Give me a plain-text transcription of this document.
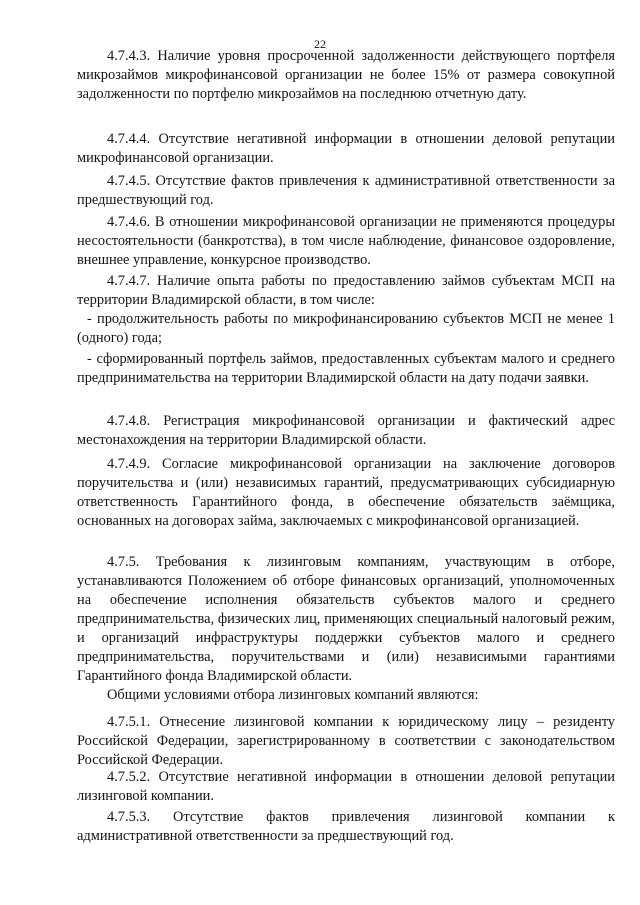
22

4.7.4.3. Наличие уровня просроченной задолженности действующего портфеля микрозаймов микрофинансовой организации не более 15% от размера совокупной задолженности по портфелю микрозаймов на последнюю отчетную дату.

4.7.4.4. Отсутствие негативной информации в отношении деловой репутации микрофинансовой организации.

4.7.4.5. Отсутствие фактов привлечения к административной ответственности за предшествующий год.

4.7.4.6. В отношении микрофинансовой организации не применяются процедуры несостоятельности (банкротства), в том числе наблюдение, финансовое оздоровление, внешнее управление, конкурсное производство.

4.7.4.7. Наличие опыта работы по предоставлению займов субъектам МСП на территории Владимирской области, в том числе:

- продолжительность работы по микрофинансированию субъектов МСП не менее 1 (одного) года;

- сформированный портфель займов, предоставленных субъектам малого и среднего предпринимательства на территории Владимирской области на дату подачи заявки.

4.7.4.8. Регистрация микрофинансовой организации и фактический адрес местонахождения на территории Владимирской области.

4.7.4.9. Согласие микрофинансовой организации на заключение договоров поручительства и (или) независимых гарантий, предусматривающих субсидиарную ответственность Гарантийного фонда, в обеспечение обязательств заёмщика, основанных на договорах займа, заключаемых с микрофинансовой организацией.

4.7.5. Требования к лизинговым компаниям, участвующим в отборе, устанавливаются Положением об отборе финансовых организаций, уполномоченных на обеспечение исполнения обязательств субъектов малого и среднего предпринимательства, физических лиц, применяющих специальный налоговый режим, и организаций инфраструктуры поддержки субъектов малого и среднего предпринимательства, поручительствами и (или) независимыми гарантиями Гарантийного фонда Владимирской области.

Общими условиями отбора лизинговых компаний являются:

4.7.5.1. Отнесение лизинговой компании к юридическому лицу – резиденту Российской Федерации, зарегистрированному в соответствии с законодательством Российской Федерации.

4.7.5.2. Отсутствие негативной информации в отношении деловой репутации лизинговой компании.

4.7.5.3. Отсутствие фактов привлечения лизинговой компании к административной ответственности за предшествующий год.
